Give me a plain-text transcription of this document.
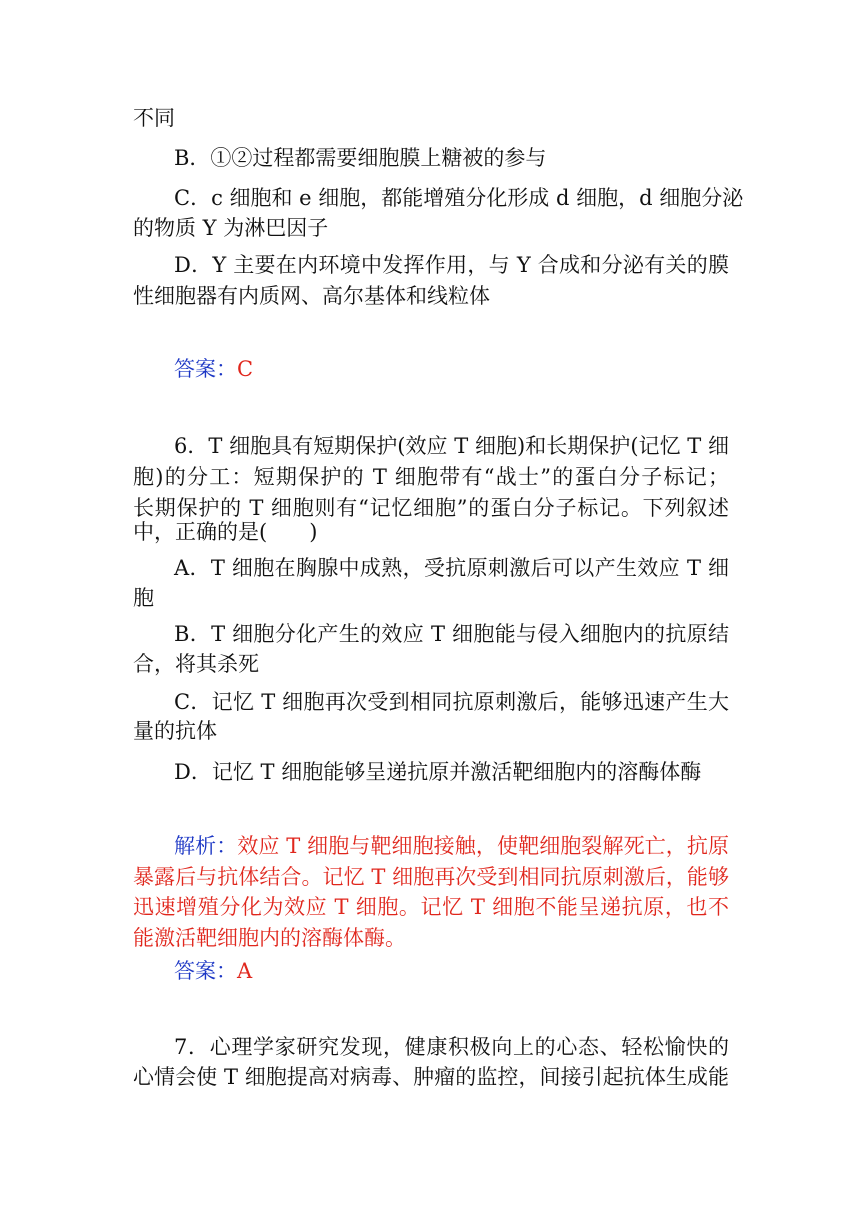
不同
B．①②过程都需要细胞膜上糖被的参与
C．c 细胞和 e 细胞，都能增殖分化形成 d 细胞，d 细胞分泌
的物质 Y 为淋巴因子
D．Y 主要在内环境中发挥作用，与 Y 合成和分泌有关的膜
性细胞器有内质网、高尔基体和线粒体
答案：C
6．T 细胞具有短期保护(效应 T 细胞)和长期保护(记忆 T 细
胞)的分工：短期保护的 T 细胞带有“战士”的蛋白分子标记；
长期保护的 T 细胞则有“记忆细胞”的蛋白分子标记。下列叙述
中，正确的是(　　)
A．T 细胞在胸腺中成熟，受抗原刺激后可以产生效应 T 细
胞
B．T 细胞分化产生的效应 T 细胞能与侵入细胞内的抗原结
合，将其杀死
C．记忆 T 细胞再次受到相同抗原刺激后，能够迅速产生大
量的抗体
D．记忆 T 细胞能够呈递抗原并激活靶细胞内的溶酶体酶
解析：效应 T 细胞与靶细胞接触，使靶细胞裂解死亡，抗原
暴露后与抗体结合。记忆 T 细胞再次受到相同抗原刺激后，能够
迅速增殖分化为效应 T 细胞。记忆 T 细胞不能呈递抗原，也不
能激活靶细胞内的溶酶体酶。
答案：A
7．心理学家研究发现，健康积极向上的心态、轻松愉快的
心情会使 T 细胞提高对病毒、肿瘤的监控，间接引起抗体生成能
